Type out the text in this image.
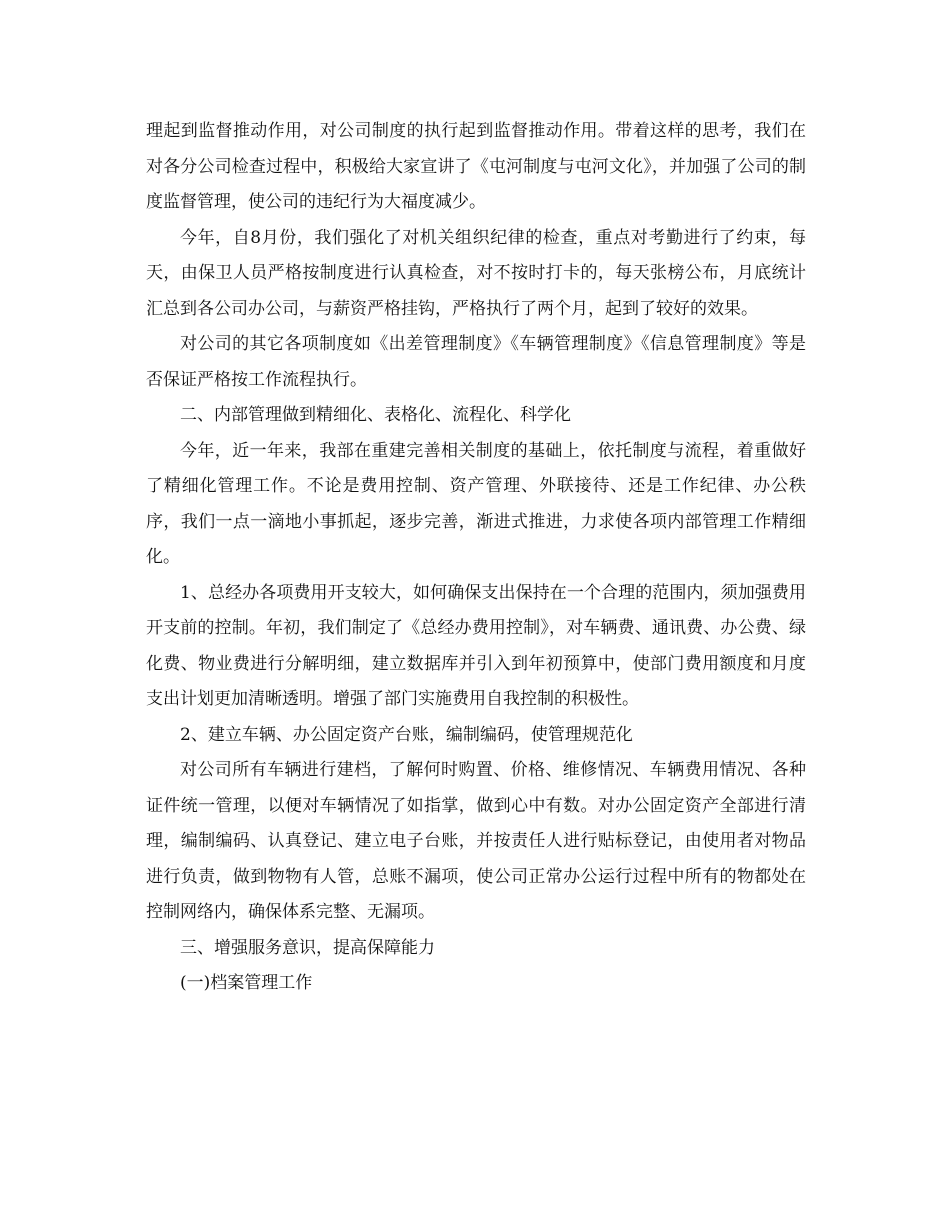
理起到监督推动作用，对公司制度的执行起到监督推动作用。带着这样的思考，我们在对各分公司检查过程中，积极给大家宣讲了《屯河制度与屯河文化》，并加强了公司的制度监督管理，使公司的违纪行为大福度减少。

今年，自8月份，我们强化了对机关组织纪律的检查，重点对考勤进行了约束，每天，由保卫人员严格按制度进行认真检查，对不按时打卡的，每天张榜公布，月底统计汇总到各公司办公司，与薪资严格挂钩，严格执行了两个月，起到了较好的效果。

对公司的其它各项制度如《出差管理制度》《车辆管理制度》《信息管理制度》等是否保证严格按工作流程执行。

二、内部管理做到精细化、表格化、流程化、科学化

今年，近一年来，我部在重建完善相关制度的基础上，依托制度与流程，着重做好了精细化管理工作。不论是费用控制、资产管理、外联接待、还是工作纪律、办公秩序，我们一点一滴地小事抓起，逐步完善，渐进式推进，力求使各项内部管理工作精细化。

1、总经办各项费用开支较大，如何确保支出保持在一个合理的范围内，须加强费用开支前的控制。年初，我们制定了《总经办费用控制》，对车辆费、通讯费、办公费、绿化费、物业费进行分解明细，建立数据库并引入到年初预算中，使部门费用额度和月度支出计划更加清晰透明。增强了部门实施费用自我控制的积极性。

2、建立车辆、办公固定资产台账，编制编码，使管理规范化

对公司所有车辆进行建档，了解何时购置、价格、维修情况、车辆费用情况、各种证件统一管理，以便对车辆情况了如指掌，做到心中有数。对办公固定资产全部进行清理，编制编码、认真登记、建立电子台账，并按责任人进行贴标登记，由使用者对物品进行负责，做到物物有人管，总账不漏项，使公司正常办公运行过程中所有的物都处在控制网络内，确保体系完整、无漏项。

三、增强服务意识，提高保障能力

(一)档案管理工作
